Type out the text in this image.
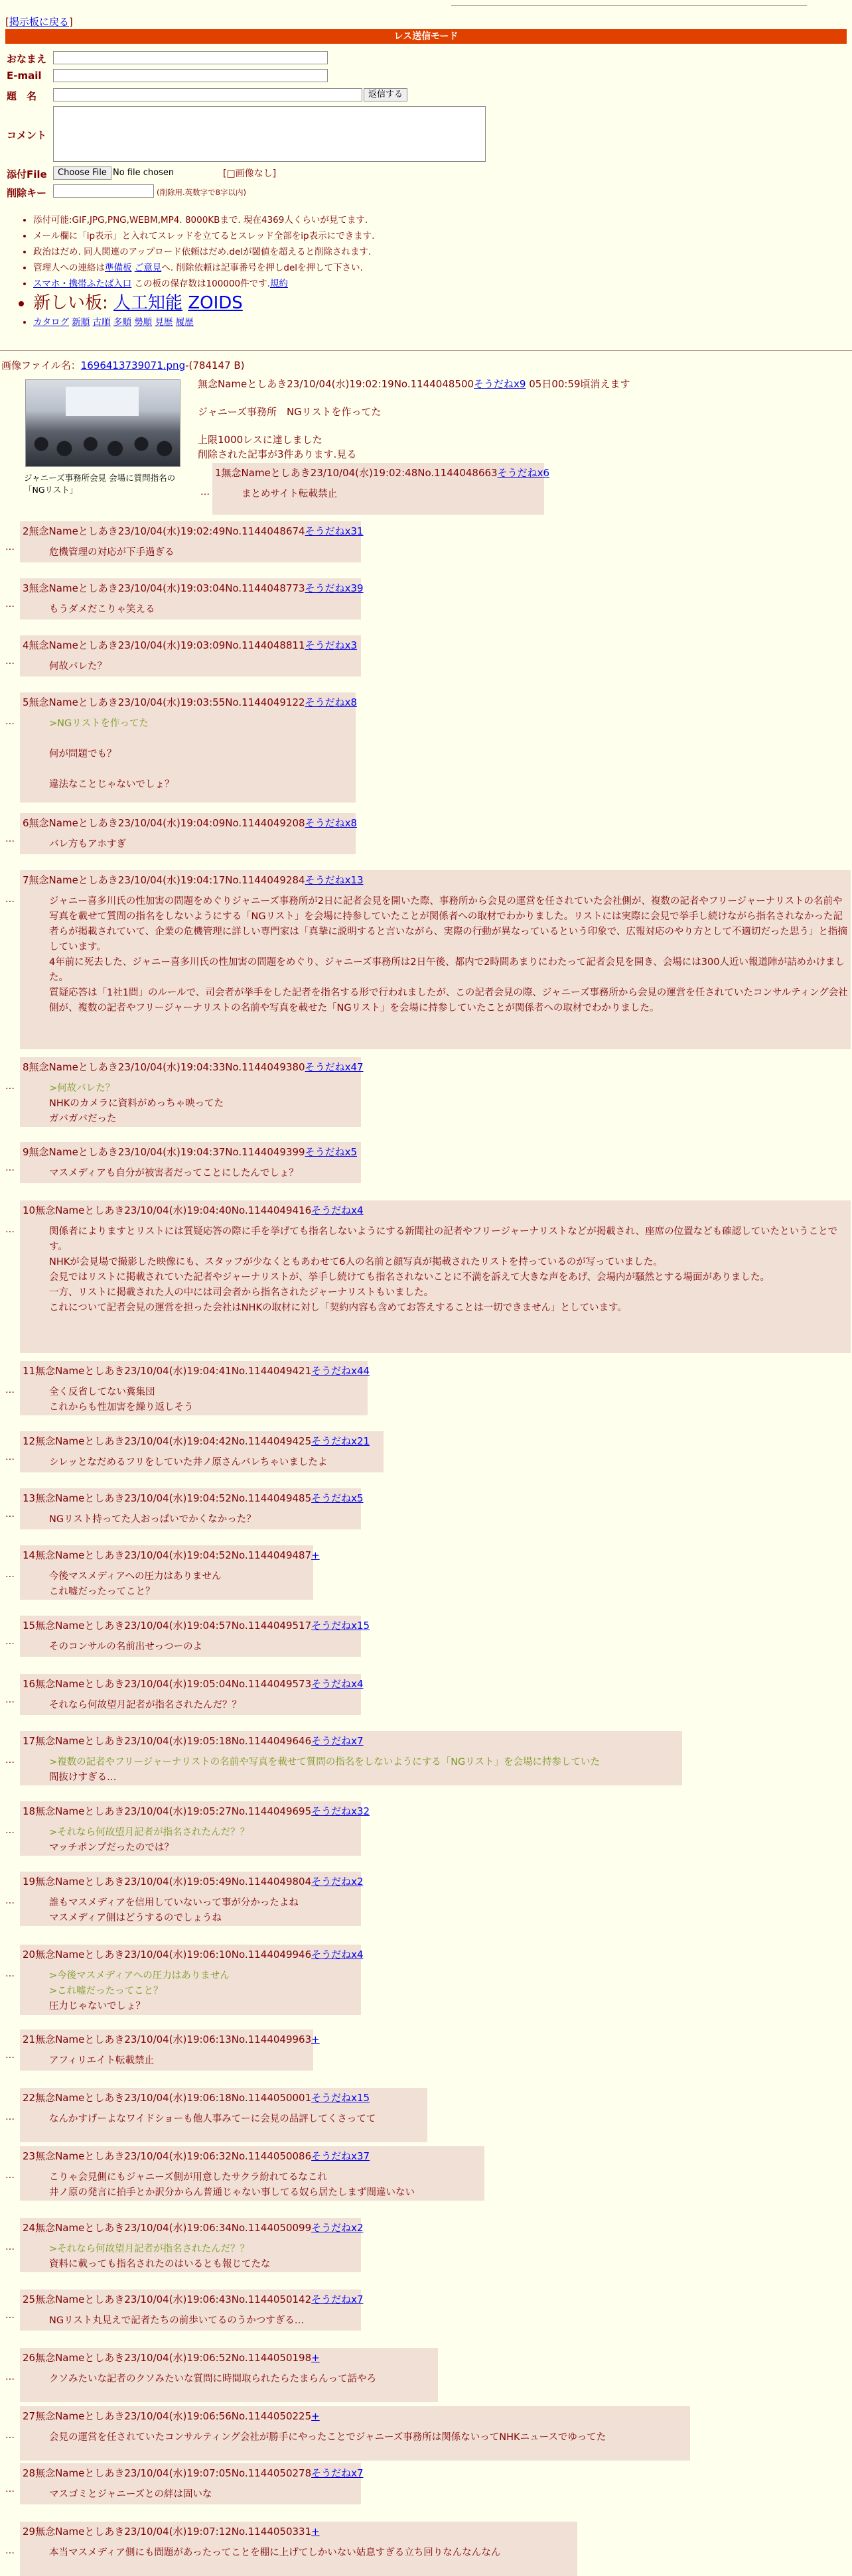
[掲示板に戻る]
レス送信モード
おなまえ
E-mail
題　名	返信する
コメント
添付File	Choose File No file chosen	[□画像なし]
削除キー	(削除用.英数字で8字以内)
• 添付可能:GIF,JPG,PNG,WEBM,MP4. 8000KBまで. 現在4369人くらいが見てます.
• メール欄に「ip表示」と入れてスレッドを立てるとスレッド全部をip表示にできます.
• 政治はだめ. 同人関連のアップロード依頼はだめ.delが閾値を超えると削除されます.
• 管理人への連絡は準備板 ご意見へ. 削除依頼は記事番号を押しdelを押して下さい.
• スマホ・携帯ふたば入口 この板の保存数は100000件です.規約
• 新しい板: 人工知能 ZOIDS
• カタログ 新順 古順 多順 勢順 見歴 履歴
画像ファイル名：1696413739071.png-(784147 B)
ジャニーズ事務所会見 会場に質問指名の「NGリスト」
無念Nameとしあき23/10/04(水)19:02:19No.1144048500そうだねx9 05日00:59頃消えます
ジャニーズ事務所　NGリストを作ってた
上限1000レスに達しました
削除された記事が3件あります.見る
…
1無念Nameとしあき23/10/04(水)19:02:48No.1144048663そうだねx6
まとめサイト転載禁止
…
2無念Nameとしあき23/10/04(水)19:02:49No.1144048674そうだねx31
危機管理の対応が下手過ぎる
…
3無念Nameとしあき23/10/04(水)19:03:04No.1144048773そうだねx39
もうダメだこりゃ笑える
…
4無念Nameとしあき23/10/04(水)19:03:09No.1144048811そうだねx3
何故バレた？
…
5無念Nameとしあき23/10/04(水)19:03:55No.1144049122そうだねx8
>NGリストを作ってた
何が問題でも？
違法なことじゃないでしょ？
…
6無念Nameとしあき23/10/04(水)19:04:09No.1144049208そうだねx8
バレ方もアホすぎ
…
7無念Nameとしあき23/10/04(水)19:04:17No.1144049284そうだねx13
ジャニー喜多川氏の性加害の問題をめぐりジャニーズ事務所が2日に記者会見を開いた際、事務所から会見の運営を任されていた会社側が、複数の記者やフリージャーナリストの名前や写真を載せて質問の指名をしないようにする「NGリスト」を会場に持参していたことが関係者への取材でわかりました。リストには実際に会見で挙手し続けながら指名されなかった記者らが掲載されていて、企業の危機管理に詳しい専門家は「真摯に説明すると言いながら、実際の行動が異なっているという印象で、広報対応のやり方として不適切だった思う」と指摘しています。
4年前に死去した、ジャニー喜多川氏の性加害の問題をめぐり、ジャニーズ事務所は2日午後、都内で2時間あまりにわたって記者会見を開き、会場には300人近い報道陣が詰めかけました。
質疑応答は「1社1問」のルールで、司会者が挙手をした記者を指名する形で行われましたが、この記者会見の際、ジャニーズ事務所から会見の運営を任されていたコンサルティング会社側が、複数の記者やフリージャーナリストの名前や写真を載せた「NGリスト」を会場に持参していたことが関係者への取材でわかりました。
…
8無念Nameとしあき23/10/04(水)19:04:33No.1144049380そうだねx47
>何故バレた？
NHKのカメラに資料がめっちゃ映ってた
ガバガバだった
…
9無念Nameとしあき23/10/04(水)19:04:37No.1144049399そうだねx5
マスメディアも自分が被害者だってことにしたんでしょ？
…
10無念Nameとしあき23/10/04(水)19:04:40No.1144049416そうだねx4
関係者によりますとリストには質疑応答の際に手を挙げても指名しないようにする新聞社の記者やフリージャーナリストなどが掲載され、座席の位置なども確認していたということです。
NHKが会見場で撮影した映像にも、スタッフが少なくともあわせて6人の名前と顔写真が掲載されたリストを持っているのが写っていました。
会見ではリストに掲載されていた記者やジャーナリストが、挙手し続けても指名されないことに不満を訴えて大きな声をあげ、会場内が騒然とする場面がありました。
一方、リストに掲載された人の中には司会者から指名されたジャーナリストもいました。
これについて記者会見の運営を担った会社はNHKの取材に対し「契約内容も含めてお答えすることは一切できません」としています。
…
11無念Nameとしあき23/10/04(水)19:04:41No.1144049421そうだねx44
全く反省してない糞集団
これからも性加害を繰り返しそう
…
12無念Nameとしあき23/10/04(水)19:04:42No.1144049425そうだねx21
シレッとなだめるフリをしていた井ノ原さんバレちゃいましたよ
…
13無念Nameとしあき23/10/04(水)19:04:52No.1144049485そうだねx5
NGリスト持ってた人おっぱいでかくなかった？
…
14無念Nameとしあき23/10/04(水)19:04:52No.1144049487+
今後マスメディアへの圧力はありません
これ嘘だったってこと？
…
15無念Nameとしあき23/10/04(水)19:04:57No.1144049517そうだねx15
そのコンサルの名前出せっつーのよ
…
16無念Nameとしあき23/10/04(水)19:05:04No.1144049573そうだねx4
それなら何故望月記者が指名されたんだ？？
…
17無念Nameとしあき23/10/04(水)19:05:18No.1144049646そうだねx7
>複数の記者やフリージャーナリストの名前や写真を載せて質問の指名をしないようにする「NGリスト」を会場に持参していた
間抜けすぎる…
…
18無念Nameとしあき23/10/04(水)19:05:27No.1144049695そうだねx32
>それなら何故望月記者が指名されたんだ？？
マッチポンプだったのでは？
…
19無念Nameとしあき23/10/04(水)19:05:49No.1144049804そうだねx2
誰もマスメディアを信用していないって事が分かったよね
マスメディア側はどうするのでしょうね
…
20無念Nameとしあき23/10/04(水)19:06:10No.1144049946そうだねx4
>今後マスメディアへの圧力はありません
>これ嘘だったってこと？
圧力じゃないでしょ？
…
21無念Nameとしあき23/10/04(水)19:06:13No.1144049963+
アフィリエイト転載禁止
…
22無念Nameとしあき23/10/04(水)19:06:18No.1144050001そうだねx15
なんかすげーよなワイドショーも他人事みてーに会見の品評してくさってて
…
23無念Nameとしあき23/10/04(水)19:06:32No.1144050086そうだねx37
こりゃ会見側にもジャニーズ側が用意したサクラ紛れてるなこれ
井ノ原の発言に拍手とか訳分からん普通じゃない事してる奴ら居たしまず間違いない
…
24無念Nameとしあき23/10/04(水)19:06:34No.1144050099そうだねx2
>それなら何故望月記者が指名されたんだ？？
資料に載っても指名されたのはいるとも報じてたな
…
25無念Nameとしあき23/10/04(水)19:06:43No.1144050142そうだねx7
NGリスト丸見えで記者たちの前歩いてるのうかつすぎる…
…
26無念Nameとしあき23/10/04(水)19:06:52No.1144050198+
クソみたいな記者のクソみたいな質問に時間取られたらたまらんって話やろ
…
27無念Nameとしあき23/10/04(水)19:06:56No.1144050225+
会見の運営を任されていたコンサルティング会社が勝手にやったことでジャニーズ事務所は関係ないってNHKニュースでゆってた
…
28無念Nameとしあき23/10/04(水)19:07:05No.1144050278そうだねx7
マスゴミとジャニーズとの絆は固いな
…
29無念Nameとしあき23/10/04(水)19:07:12No.1144050331+
本当マスメディア側にも問題があったってことを棚に上げてしかいない姑息すぎる立ち回りなんなんなん
